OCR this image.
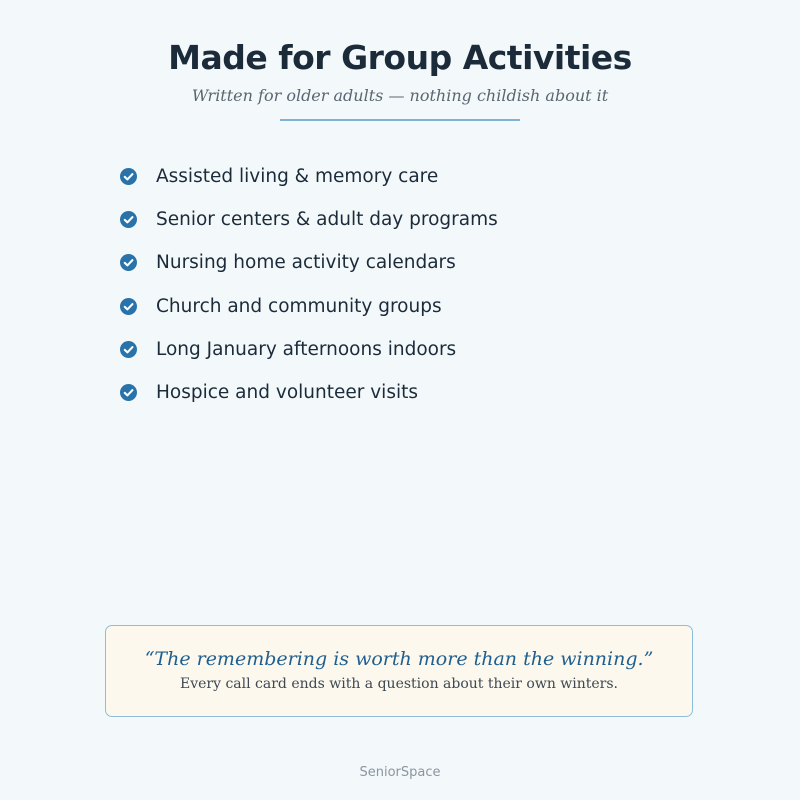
Made for Group Activities
Written for older adults — nothing childish about it
Assisted living & memory care
Senior centers & adult day programs
Nursing home activity calendars
Church and community groups
Long January afternoons indoors
Hospice and volunteer visits
“The remembering is worth more than the winning.”
Every call card ends with a question about their own winters.
SeniorSpace
